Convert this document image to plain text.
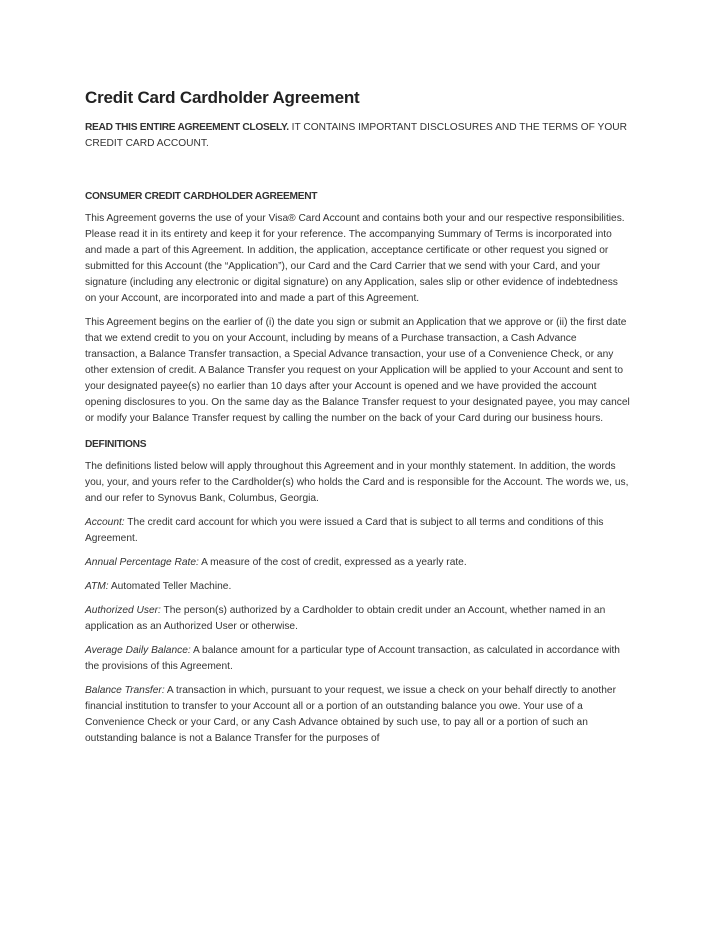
Credit Card Cardholder Agreement

READ THIS ENTIRE AGREEMENT CLOSELY. IT CONTAINS IMPORTANT DISCLOSURES AND THE TERMS OF YOUR CREDIT CARD ACCOUNT.

CONSUMER CREDIT CARDHOLDER AGREEMENT

This Agreement governs the use of your Visa® Card Account and contains both your and our respective responsibilities. Please read it in its entirety and keep it for your reference. The accompanying Summary of Terms is incorporated into and made a part of this Agreement. In addition, the application, acceptance certificate or other request you signed or submitted for this Account (the “Application”), our Card and the Card Carrier that we send with your Card, and your signature (including any electronic or digital signature) on any Application, sales slip or other evidence of indebtedness on your Account, are incorporated into and made a part of this Agreement.

This Agreement begins on the earlier of (i) the date you sign or submit an Application that we approve or (ii) the first date that we extend credit to you on your Account, including by means of a Purchase transaction, a Cash Advance transaction, a Balance Transfer transaction, a Special Advance transaction, your use of a Convenience Check, or any other extension of credit. A Balance Transfer you request on your Application will be applied to your Account and sent to your designated payee(s) no earlier than 10 days after your Account is opened and we have provided the account opening disclosures to you. On the same day as the Balance Transfer request to your designated payee, you may cancel or modify your Balance Transfer request by calling the number on the back of your Card during our business hours.

DEFINITIONS

The definitions listed below will apply throughout this Agreement and in your monthly statement. In addition, the words you, your, and yours refer to the Cardholder(s) who holds the Card and is responsible for the Account. The words we, us, and our refer to Synovus Bank, Columbus, Georgia.

Account: The credit card account for which you were issued a Card that is subject to all terms and conditions of this Agreement.

Annual Percentage Rate: A measure of the cost of credit, expressed as a yearly rate.

ATM: Automated Teller Machine.

Authorized User: The person(s) authorized by a Cardholder to obtain credit under an Account, whether named in an application as an Authorized User or otherwise.

Average Daily Balance: A balance amount for a particular type of Account transaction, as calculated in accordance with the provisions of this Agreement.

Balance Transfer: A transaction in which, pursuant to your request, we issue a check on your behalf directly to another financial institution to transfer to your Account all or a portion of an outstanding balance you owe. Your use of a Convenience Check or your Card, or any Cash Advance obtained by such use, to pay all or a portion of such an outstanding balance is not a Balance Transfer for the purposes of
